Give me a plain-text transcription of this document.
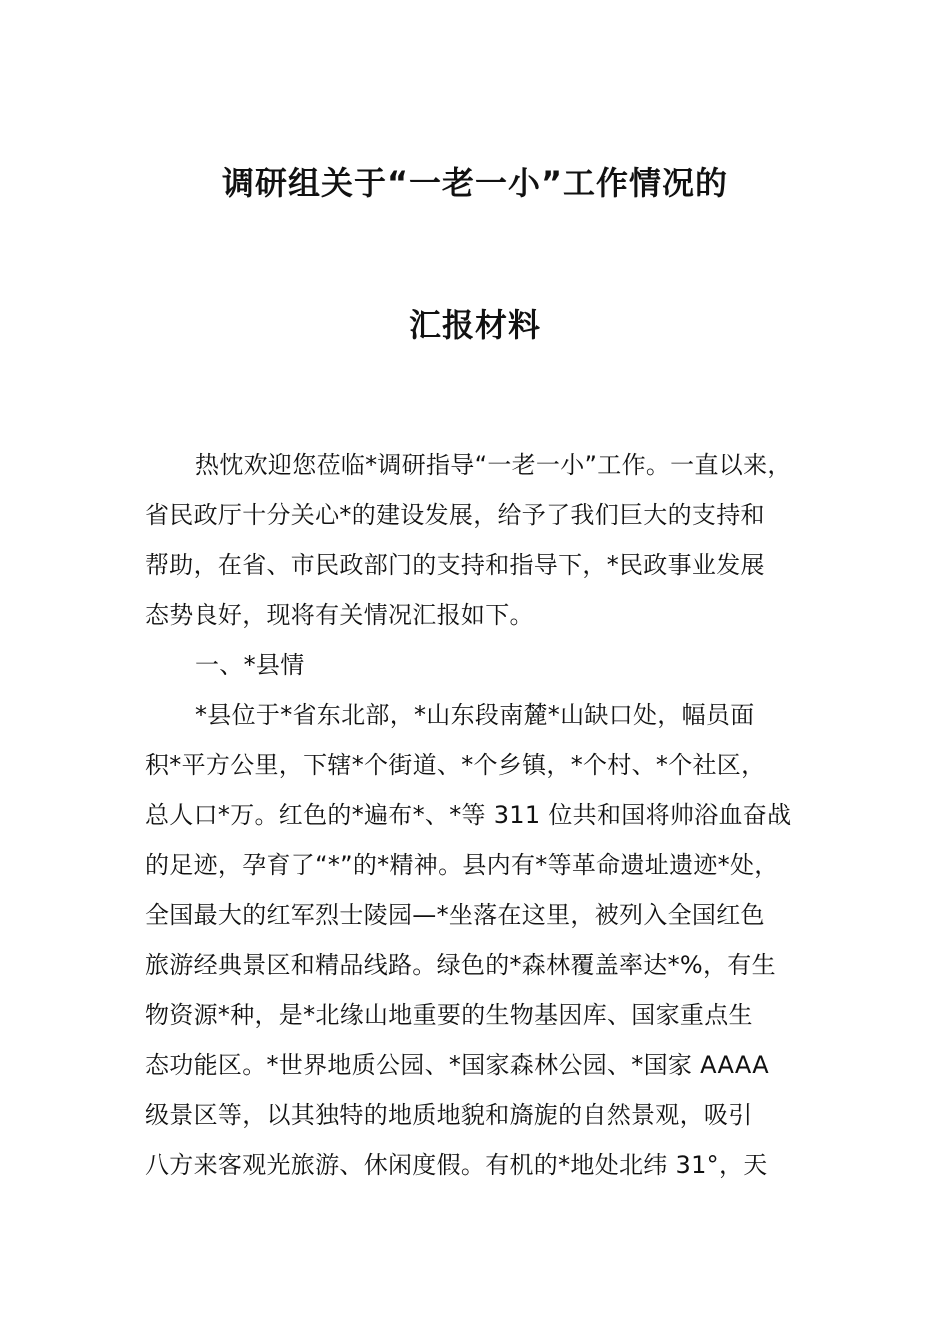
调研组关于“一老一小”工作情况的
汇报材料
热忱欢迎您莅临*调研指导“一老一小”工作。一直以来，
省民政厅十分关心*的建设发展，给予了我们巨大的支持和
帮助，在省、市民政部门的支持和指导下，*民政事业发展
态势良好，现将有关情况汇报如下。
一、*县情
*县位于*省东北部，*山东段南麓*山缺口处，幅员面
积*平方公里，下辖*个街道、*个乡镇，*个村、*个社区，
总人口*万。红色的*遍布*、*等 311 位共和国将帅浴血奋战
的足迹，孕育了“*”的*精神。县内有*等革命遗址遗迹*处，
全国最大的红军烈士陵园—*坐落在这里，被列入全国红色
旅游经典景区和精品线路。绿色的*森林覆盖率达*%，有生
物资源*种，是*北缘山地重要的生物基因库、国家重点生
态功能区。*世界地质公园、*国家森林公园、*国家 AAAA
级景区等，以其独特的地质地貌和旖旎的自然景观，吸引
八方来客观光旅游、休闲度假。有机的*地处北纬 31°，天
